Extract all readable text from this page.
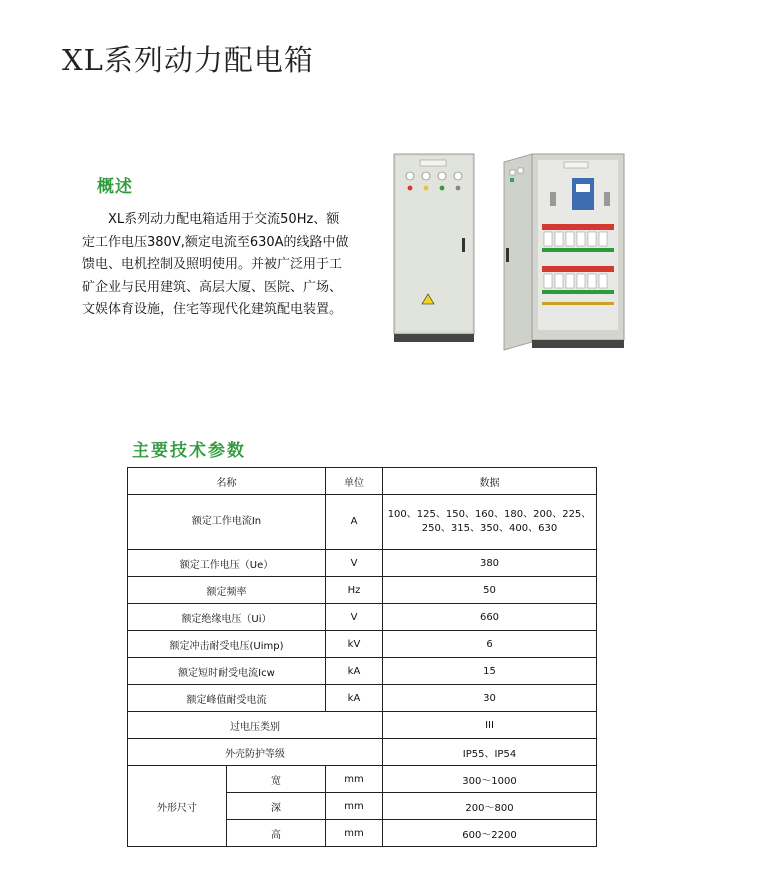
XL系列动力配电箱
概述

XL系列动力配电箱适用于交流50Hz、额定工作电压380V,额定电流至630A的线路中做馈电、电机控制及照明使用。并被广泛用于工矿企业与民用建筑、高层大厦、医院、广场、文娱体育设施，住宅等现代化建筑配电装置。

主要技术参数
名称		单位	数据
额定工作电流In		A	100、125、150、160、180、200、225、250、315、350、400、630
额定工作电压（Ue）		V	380
额定频率		Hz	50
额定绝缘电压（Ui）		V	660
额定冲击耐受电压(Uimp)		kV	6
额定短时耐受电流Icw		kA	15
额定峰值耐受电流		kA	30
过电压类别			III
外壳防护等级			IP55、IP54
外形尺寸	宽	mm	300～1000
	深	mm	200～800
	高	mm	600～2200
